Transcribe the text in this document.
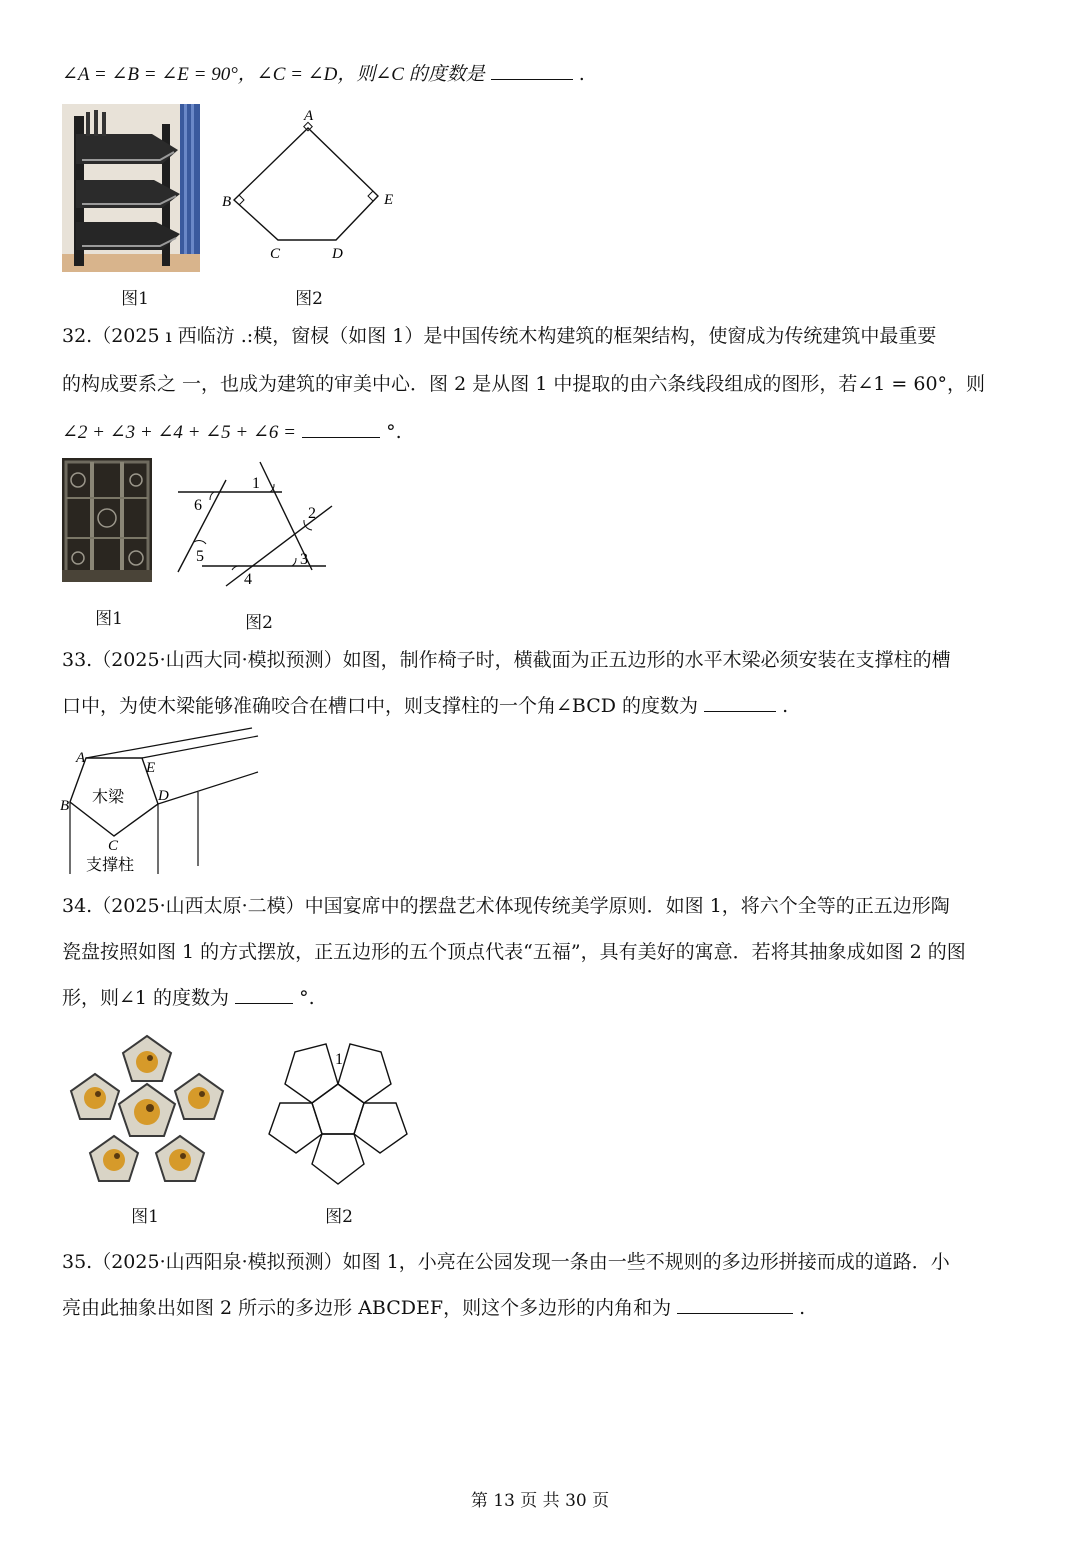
∠A = ∠B = ∠E = 90°，∠C = ∠D，则∠C 的度数是	.
图1
A
B
C	D
E
图2
32.（2025 ı 西临汸 .:模，窗棂（如图 1）是中国传统木构建筑的框架结构，使窗成为传统建筑中最重要
的构成要系之 一，也成为建筑的审美中心．图 2 是从图 1 中提取的由六条线段组成的图形，若∠1 = 60°，则
∠2 + ∠3 + ∠4 + ∠5 + ∠6 =	°.
图1
1
2
3
4
5
6
图2
33.（2025·山西大同·模拟预测）如图，制作椅子时，横截面为正五边形的水平木梁必须安装在支撑柱的槽
口中，为使木梁能够准确咬合在槽口中，则支撑柱的一个角∠BCD 的度数为	.
A
B
C
D
E
木梁
支撑柱
34.（2025·山西太原·二模）中国宴席中的摆盘艺术体现传统美学原则．如图 1，将六个全等的正五边形陶
瓷盘按照如图 1 的方式摆放，正五边形的五个顶点代表“五福”，具有美好的寓意．若将其抽象成如图 2 的图
形，则∠1 的度数为	°.
图1
1
图2
35.（2025·山西阳泉·模拟预测）如图 1，小亮在公园发现一条由一些不规则的多边形拼接而成的道路．小
亮由此抽象出如图 2 所示的多边形 ABCDEF，则这个多边形的内角和为	.
第 13 页 共 30 页
